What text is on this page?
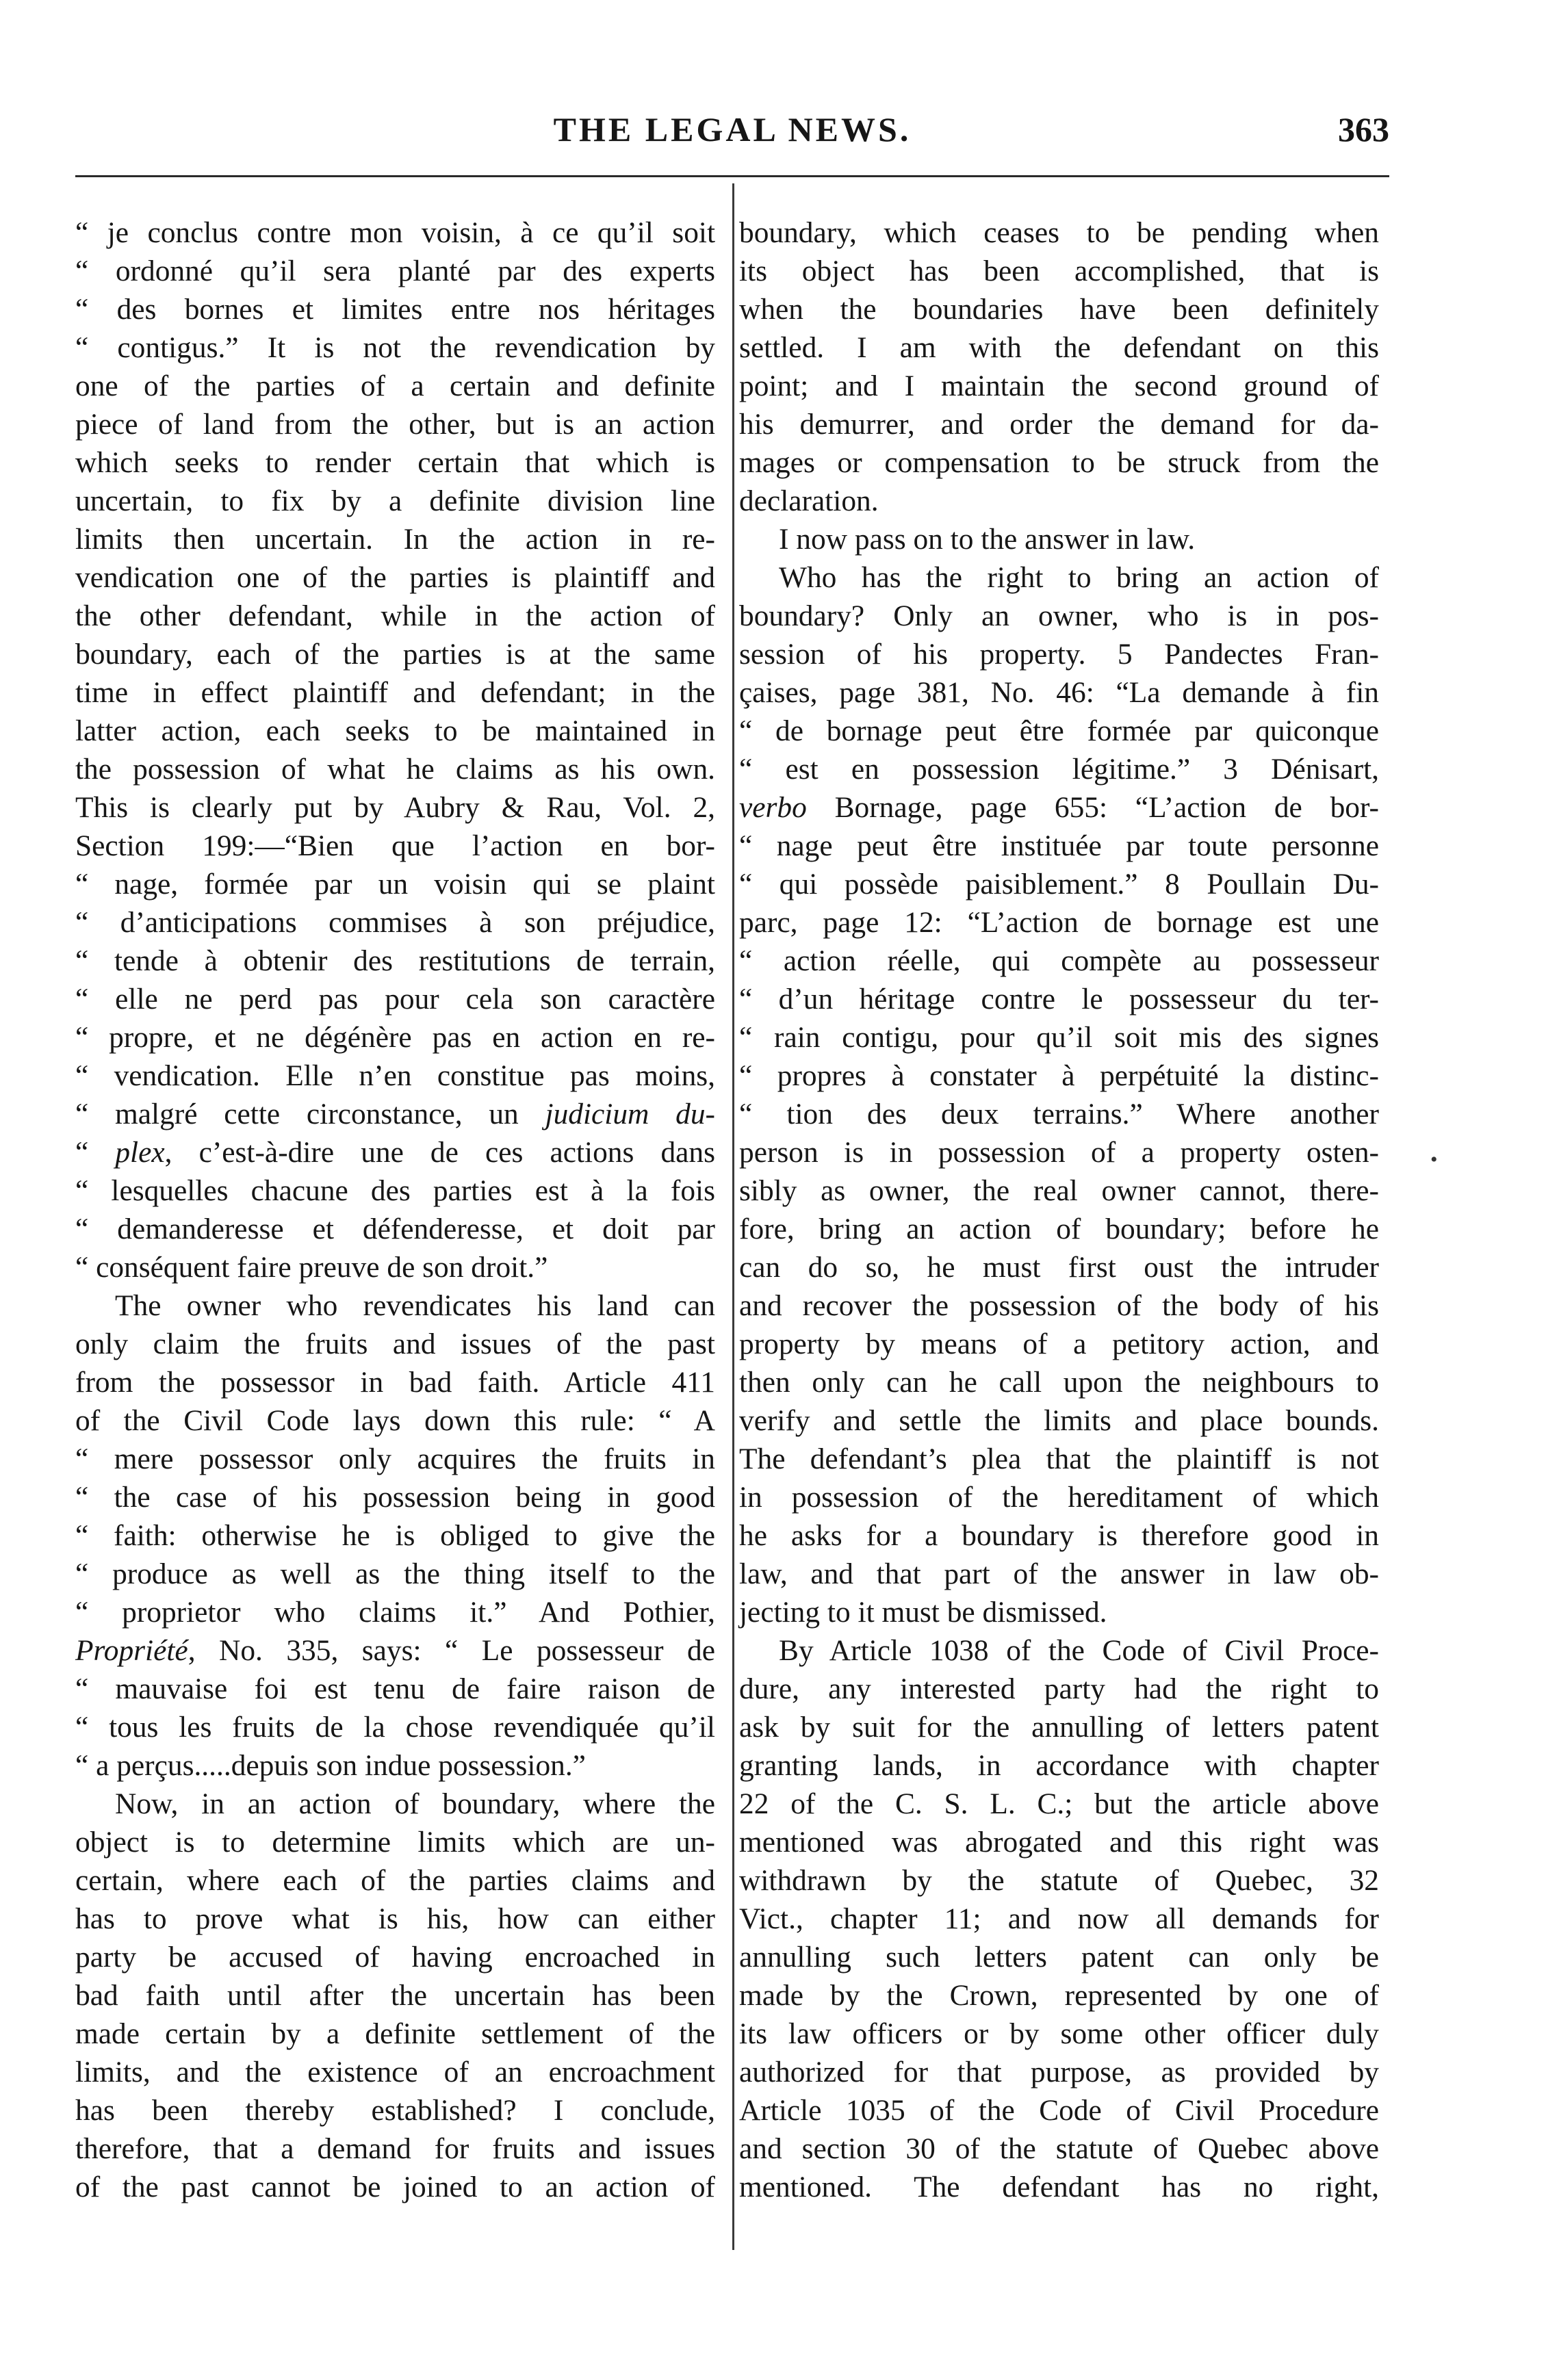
THE LEGAL NEWS.	363
“ je conclus contre mon voisin, à ce qu’il soit
“ ordonné qu’il sera planté par des experts
“ des bornes et limites entre nos héritages
“ contigus.” It is not the revendication by
one of the parties of a certain and definite
piece of land from the other, but is an action
which seeks to render certain that which is
uncertain, to fix by a definite division line
limits then uncertain. In the action in re-
vendication one of the parties is plaintiff and
the other defendant, while in the action of
boundary, each of the parties is at the same
time in effect plaintiff and defendant; in the
latter action, each seeks to be maintained in
the possession of what he claims as his own.
This is clearly put by Aubry & Rau, Vol. 2,
Section 199:—“Bien que l’action en bor-
“ nage, formée par un voisin qui se plaint
“ d’anticipations commises à son préjudice,
“ tende à obtenir des restitutions de terrain,
“ elle ne perd pas pour cela son caractère
“ propre, et ne dégénère pas en action en re-
“ vendication. Elle n’en constitue pas moins,
“ malgré cette circonstance, un judicium du-
“ plex, c’est-à-dire une de ces actions dans
“ lesquelles chacune des parties est à la fois
“ demanderesse et défenderesse, et doit par
“ conséquent faire preuve de son droit.”
The owner who revendicates his land can
only claim the fruits and issues of the past
from the possessor in bad faith. Article 411
of the Civil Code lays down this rule: “ A
“ mere possessor only acquires the fruits in
“ the case of his possession being in good
“ faith: otherwise he is obliged to give the
“ produce as well as the thing itself to the
“ proprietor who claims it.” And Pothier,
Propriété, No. 335, says: “ Le possesseur de
“ mauvaise foi est tenu de faire raison de
“ tous les fruits de la chose revendiquée qu’il
“ a perçus.....depuis son indue possession.”
Now, in an action of boundary, where the
object is to determine limits which are un-
certain, where each of the parties claims and
has to prove what is his, how can either
party be accused of having encroached in
bad faith until after the uncertain has been
made certain by a definite settlement of the
limits, and the existence of an encroachment
has been thereby established? I conclude,
therefore, that a demand for fruits and issues
of the past cannot be joined to an action of
boundary, which ceases to be pending when
its object has been accomplished, that is
when the boundaries have been definitely
settled. I am with the defendant on this
point; and I maintain the second ground of
his demurrer, and order the demand for da-
mages or compensation to be struck from the
declaration.
I now pass on to the answer in law.
Who has the right to bring an action of
boundary? Only an owner, who is in pos-
session of his property. 5 Pandectes Fran-
çaises, page 381, No. 46: “La demande à fin
“ de bornage peut être formée par quiconque
“ est en possession légitime.” 3 Dénisart,
verbo Bornage, page 655: “L’action de bor-
“ nage peut être instituée par toute personne
“ qui possède paisiblement.” 8 Poullain Du-
parc, page 12: “L’action de bornage est une
“ action réelle, qui compète au possesseur
“ d’un héritage contre le possesseur du ter-
“ rain contigu, pour qu’il soit mis des signes
“ propres à constater à perpétuité la distinc-
“ tion des deux terrains.” Where another
person is in possession of a property osten-
sibly as owner, the real owner cannot, there-
fore, bring an action of boundary; before he
can do so, he must first oust the intruder
and recover the possession of the body of his
property by means of a petitory action, and
then only can he call upon the neighbours to
verify and settle the limits and place bounds.
The defendant’s plea that the plaintiff is not
in possession of the hereditament of which
he asks for a boundary is therefore good in
law, and that part of the answer in law ob-
jecting to it must be dismissed.
By Article 1038 of the Code of Civil Proce-
dure, any interested party had the right to
ask by suit for the annulling of letters patent
granting lands, in accordance with chapter
22 of the C. S. L. C.; but the article above
mentioned was abrogated and this right was
withdrawn by the statute of Quebec, 32
Vict., chapter 11; and now all demands for
annulling such letters patent can only be
made by the Crown, represented by one of
its law officers or by some other officer duly
authorized for that purpose, as provided by
Article 1035 of the Code of Civil Procedure
and section 30 of the statute of Quebec above
mentioned. The defendant has no right,
•
